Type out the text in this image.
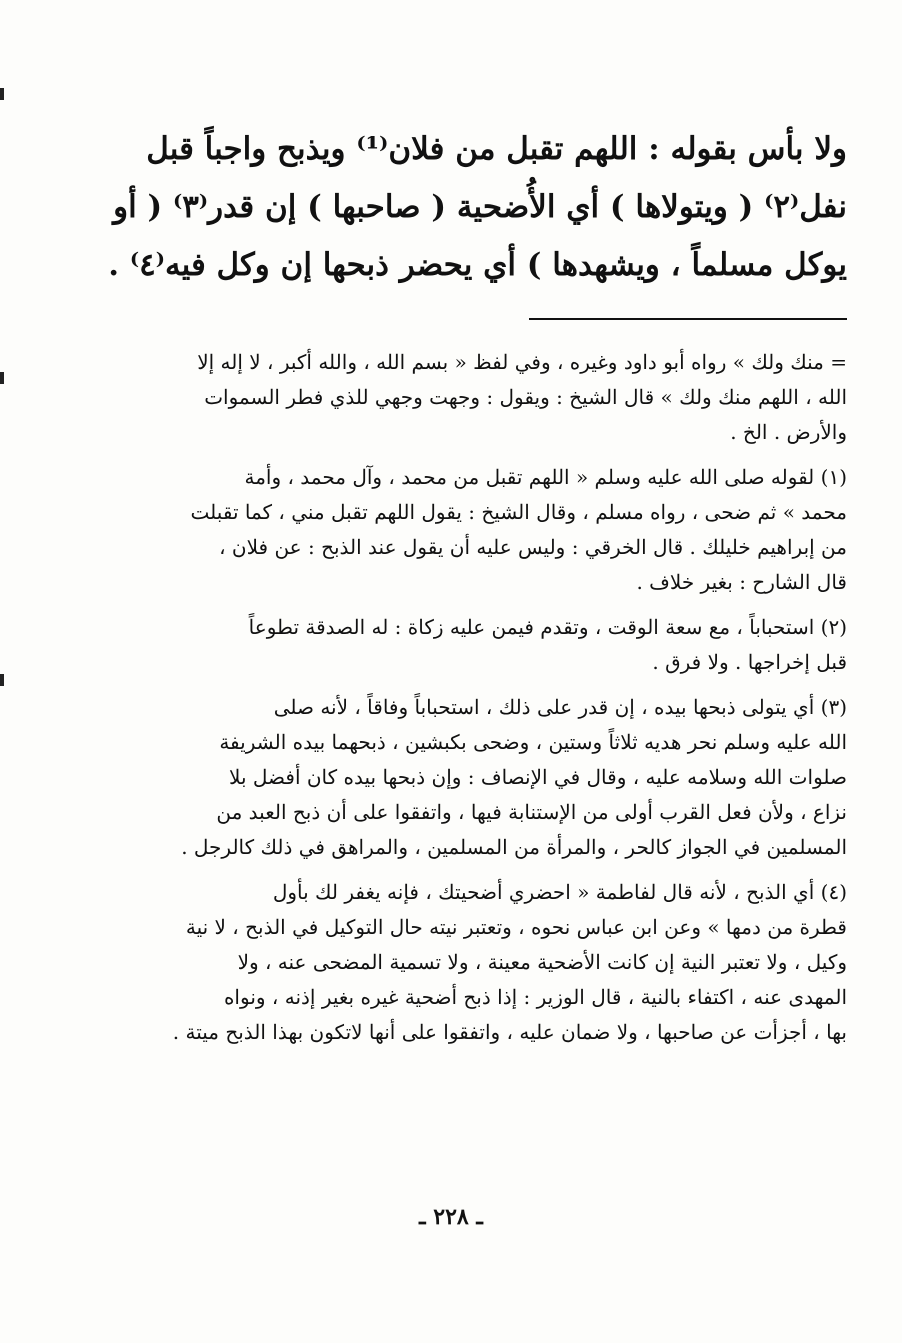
ولا بأس بقوله : اللهم تقبل من فلان⁽¹⁾ ويذبح واجباً قبل
نفل⁽٢⁾ ( ويتولاها ) أي الأُضحية ( صاحبها ) إن قدر⁽٣⁾ ( أو
يوكل مسلماً ، ويشهدها ) أي يحضر ذبحها إن وكل فيه⁽٤⁾ .
= منك ولك » رواه أبو داود وغيره ، وفي لفظ « بسم الله ، والله أكبر ، لا إله إلا
الله ، اللهم منك ولك » قال الشيخ : ويقول : وجهت وجهي للذي فطر السموات
والأرض . الخ .
(١) لقوله صلى الله عليه وسلم « اللهم تقبل من محمد ، وآل محمد ، وأمة
محمد » ثم ضحى ، رواه مسلم ، وقال الشيخ : يقول اللهم تقبل مني ، كما تقبلت
من إبراهيم خليلك . قال الخرقي : وليس عليه أن يقول عند الذبح : عن فلان ،
قال الشارح : بغير خلاف .
(٢) استحباباً ، مع سعة الوقت ، وتقدم فيمن عليه زكاة : له الصدقة تطوعاً
قبل إخراجها . ولا فرق .
(٣) أي يتولى ذبحها بيده ، إن قدر على ذلك ، استحباباً وفاقاً ، لأنه صلى
الله عليه وسلم نحر هديه ثلاثاً وستين ، وضحى بكبشين ، ذبحهما بيده الشريفة
صلوات الله وسلامه عليه ، وقال في الإنصاف : وإن ذبحها بيده كان أفضل بلا
نزاع ، ولأن فعل القرب أولى من الإستنابة فيها ، واتفقوا على أن ذبح العبد من
المسلمين في الجواز كالحر ، والمرأة من المسلمين ، والمراهق في ذلك كالرجل .
(٤) أي الذبح ، لأنه قال لفاطمة « احضري أضحيتك ، فإنه يغفر لك بأول
قطرة من دمها » وعن ابن عباس نحوه ، وتعتبر نيته حال التوكيل في الذبح ، لا نية
وكيل ، ولا تعتبر النية إن كانت الأضحية معينة ، ولا تسمية المضحى عنه ، ولا
المهدى عنه ، اكتفاء بالنية ، قال الوزير : إذا ذبح أضحية غيره بغير إذنه ، ونواه
بها ، أجزأت عن صاحبها ، ولا ضمان عليه ، واتفقوا على أنها لاتكون بهذا الذبح ميتة .
ـ ٢٢٨ ـ
